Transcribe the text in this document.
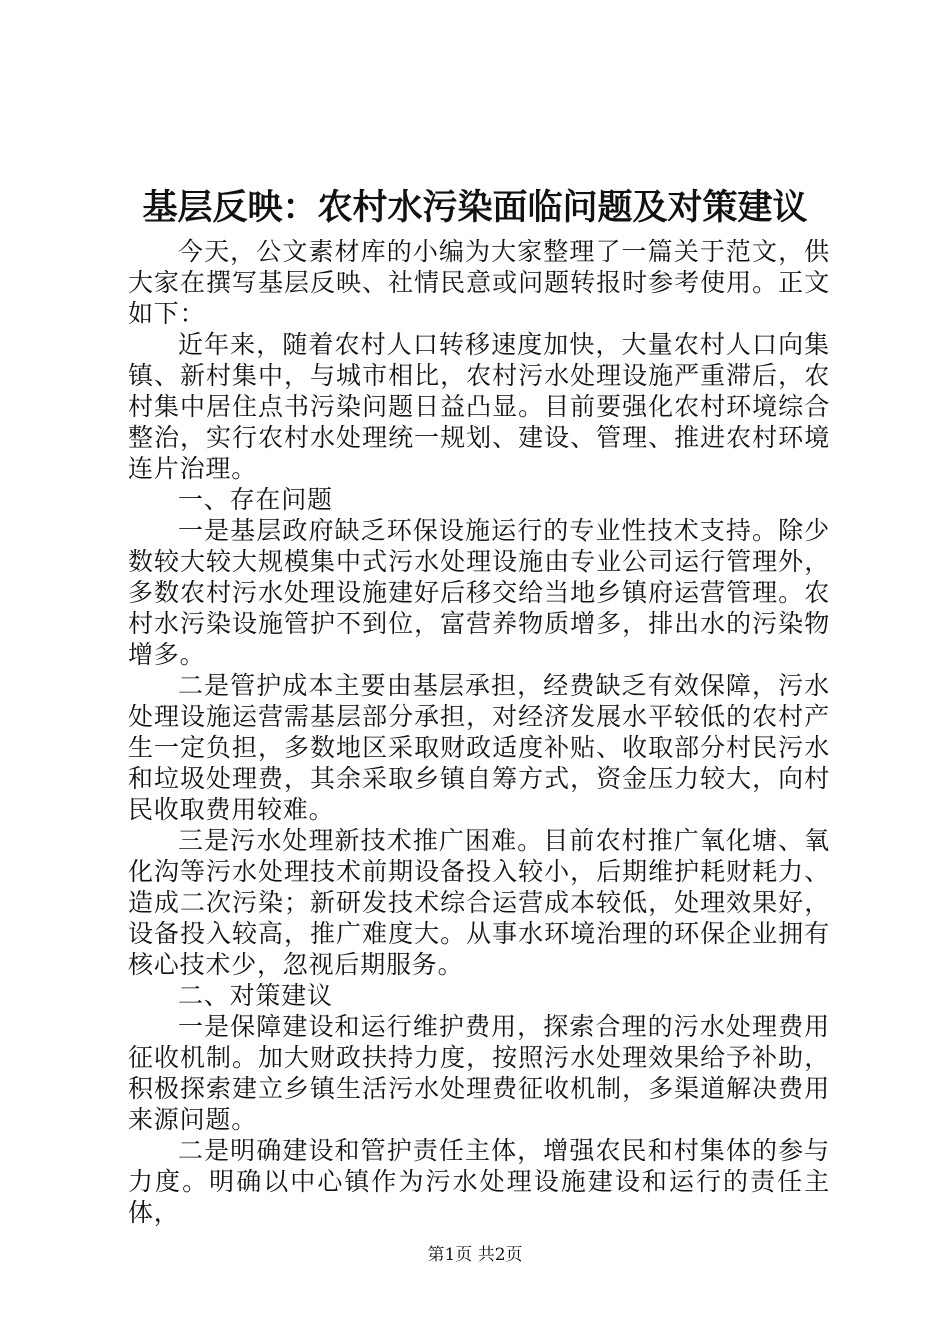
基层反映：农村水污染面临问题及对策建议

今天，公文素材库的小编为大家整理了一篇关于范文，供大家在撰写基层反映、社情民意或问题转报时参考使用。正文如下：

近年来，随着农村人口转移速度加快，大量农村人口向集镇、新村集中，与城市相比，农村污水处理设施严重滞后，农村集中居住点书污染问题日益凸显。目前要强化农村环境综合整治，实行农村水处理统一规划、建设、管理、推进农村环境连片治理。

一、存在问题

一是基层政府缺乏环保设施运行的专业性技术支持。除少数较大较大规模集中式污水处理设施由专业公司运行管理外，多数农村污水处理设施建好后移交给当地乡镇府运营管理。农村水污染设施管护不到位，富营养物质增多，排出水的污染物增多。

二是管护成本主要由基层承担，经费缺乏有效保障，污水处理设施运营需基层部分承担，对经济发展水平较低的农村产生一定负担，多数地区采取财政适度补贴、收取部分村民污水和垃圾处理费，其余采取乡镇自筹方式，资金压力较大，向村民收取费用较难。

三是污水处理新技术推广困难。目前农村推广氧化塘、氧化沟等污水处理技术前期设备投入较小，后期维护耗财耗力、造成二次污染；新研发技术综合运营成本较低，处理效果好，设备投入较高，推广难度大。从事水环境治理的环保企业拥有核心技术少，忽视后期服务。

二、对策建议

一是保障建设和运行维护费用，探索合理的污水处理费用征收机制。加大财政扶持力度，按照污水处理效果给予补助，积极探索建立乡镇生活污水处理费征收机制，多渠道解决费用来源问题。

二是明确建设和管护责任主体，增强农民和村集体的参与力度。明确以中心镇作为污水处理设施建设和运行的责任主体，

第1页 共2页
